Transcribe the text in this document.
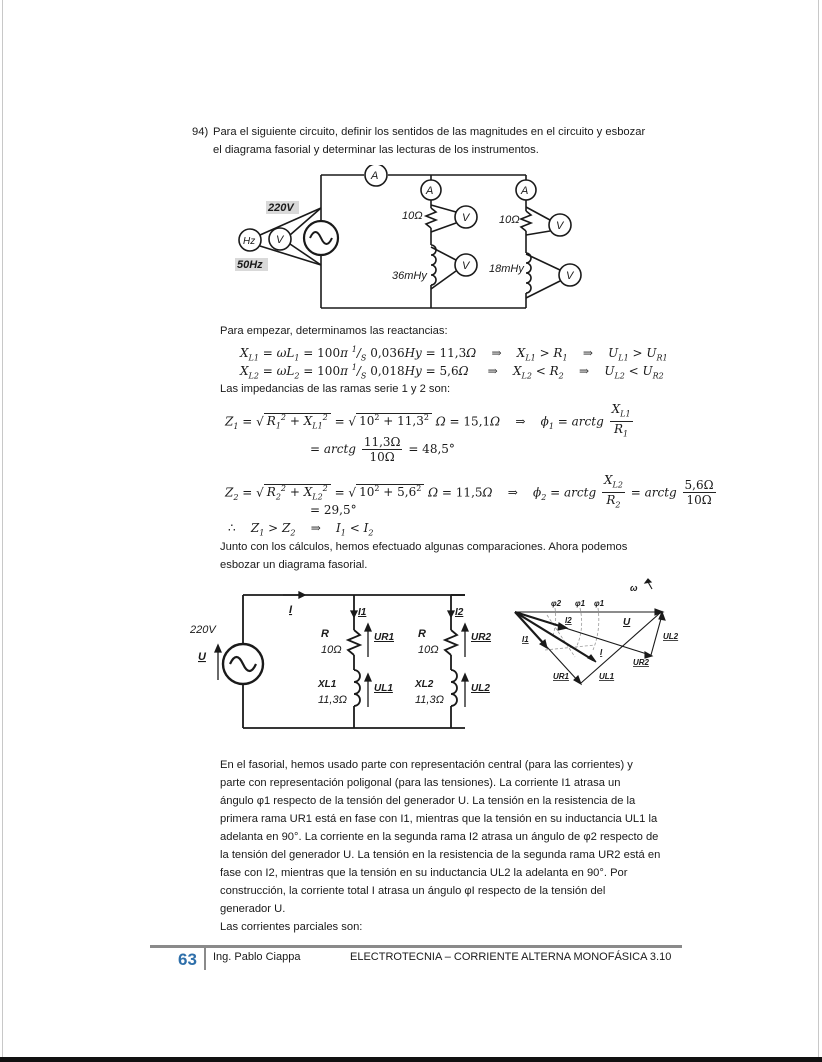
94) Para el siguiente circuito, definir los sentidos de las magnitudes en el circuito y esbozar
el diagrama fasorial y determinar las lecturas de los instrumentos.
220V
50Hz
A
A	A
V
V
V
V
V
Hz
10Ω	10Ω
36mHy
18mHy
Para empezar, determinamos las reactancias:
$X_{L1} = \omega L_1 = 100\pi$ $^1/_S$ 0,036Hy = 11,3Ω    ⇒    $X_{L1} > R_1$ ⇒    $U_{L1} > U_{R1}$
$X_{L2} = \omega L_2 = 100\pi$ $^1/_S$ 0,018Hy = 5,6Ω     ⇒    $X_{L2} < R_2$ ⇒    $U_{L2} < U_{R2}$
Las impedancias de las ramas serie 1 y 2 son:
$Z_1$ = √ $R_1^2 + X_{L1}^2$ = √ $10^2 + 11,3^2$ Ω = 15,1Ω    ⇒    $\phi_1$ = arctg $\frac{X_{L1}}{R_1}$
= arctg $\frac{11,3\Omega}{10\Omega} = 48,5^\circ$
$Z_2$ = √ $R_2^2 + X_{L2}^2$ = √ $10^2 + 5,6^2$ Ω = 11,5Ω    ⇒    $\phi_2$ = arctg $\frac{X_{L2}}{R_2}$ = arctg $\frac{5,6\Omega}{10\Omega}$
= 29,5°
∴    $Z_1 > Z_2$ ⇒    $I_1 < I_2$
Junto con los cálculos, hemos efectuado algunas comparaciones. Ahora podemos
esbozar un diagrama fasorial.
220V
U
I	I1	I2
R	R
10Ω	10Ω
XL1	XL2
11,3Ω	11,3Ω
UR1	UR2
UL1	UL2
ω
φ2 φ1 φ1
U
I2
I1
I
UR1	UL1
UR2
UL2
En el fasorial, hemos usado parte con representación central (para las corrientes) y
parte con representación poligonal (para las tensiones). La corriente I1 atrasa un
ángulo φ1 respecto de la tensión del generador U. La tensión en la resistencia de la
primera rama UR1 está en fase con I1, mientras que la tensión en su inductancia UL1 la
adelanta en 90°. La corriente en la segunda rama I2 atrasa un ángulo de φ2 respecto de
la tensión del generador U. La tensión en la resistencia de la segunda rama UR2 está en
fase con I2, mientras que la tensión en su inductancia UL2 la adelanta en 90°. Por
construcción, la corriente total I atrasa un ángulo φI respecto de la tensión del
generador U.
Las corrientes parciales son:
63 Ing. Pablo Ciappa	ELECTROTECNIA – CORRIENTE ALTERNA MONOFÁSICA 3.10
